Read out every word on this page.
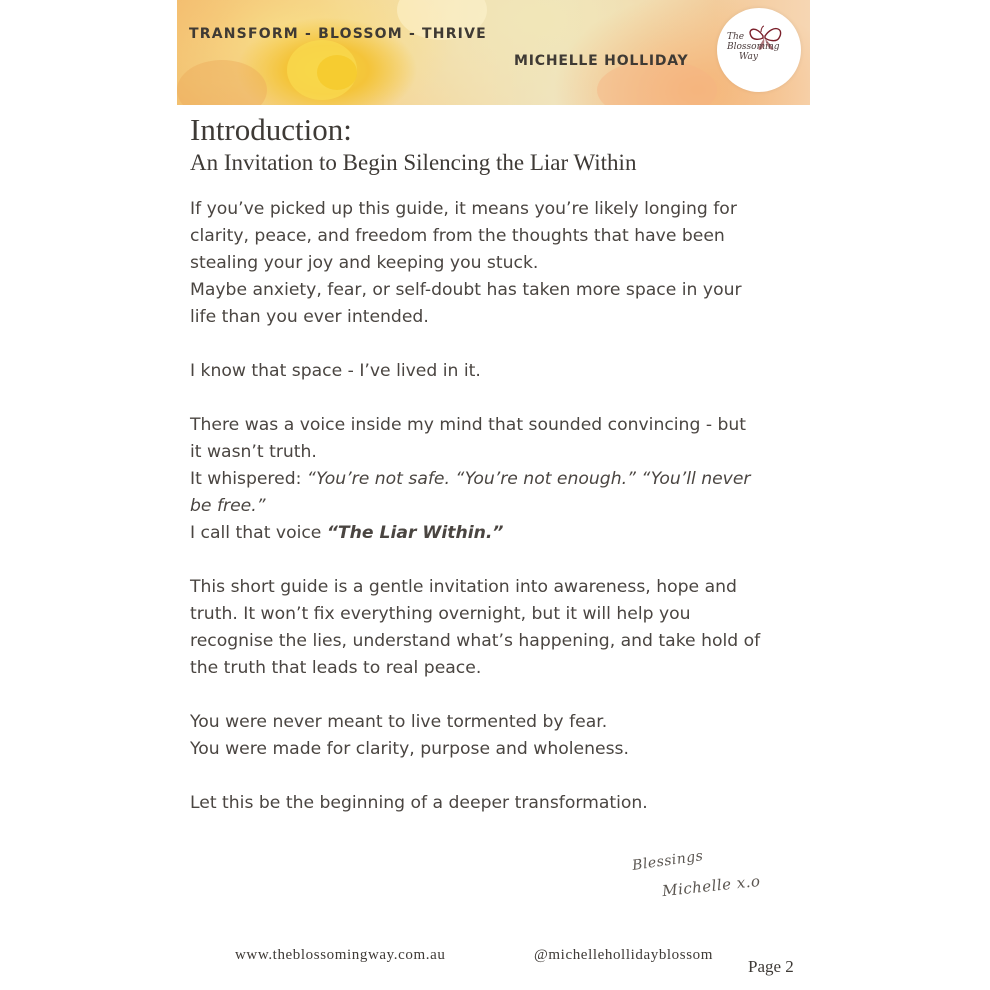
TRANSFORM - BLOSSOM - THRIVE

MICHELLE HOLLIDAY

The
Blossoming
Way

Introduction:
An Invitation to Begin Silencing the Liar Within

If you’ve picked up this guide, it means you’re likely longing for

clarity, peace, and freedom from the thoughts that have been

stealing your joy and keeping you stuck.

Maybe anxiety, fear, or self-doubt has taken more space in your

life than you ever intended.

I know that space - I’ve lived in it.

There was a voice inside my mind that sounded convincing - but

it wasn’t truth.

It whispered: “You’re not safe. “You’re not enough.” “You’ll never

be free.”

I call that voice “The Liar Within.”

This short guide is a gentle invitation into awareness, hope and

truth. It won’t fix everything overnight, but it will help you

recognise the lies, understand what’s happening, and take hold of

the truth that leads to real peace.

You were never meant to live tormented by fear.

You were made for clarity, purpose and wholeness.

Let this be the beginning of a deeper transformation.

Blessings

Michelle x.o

www.theblossomingway.com.au	@michellehollidayblossom

Page 2
